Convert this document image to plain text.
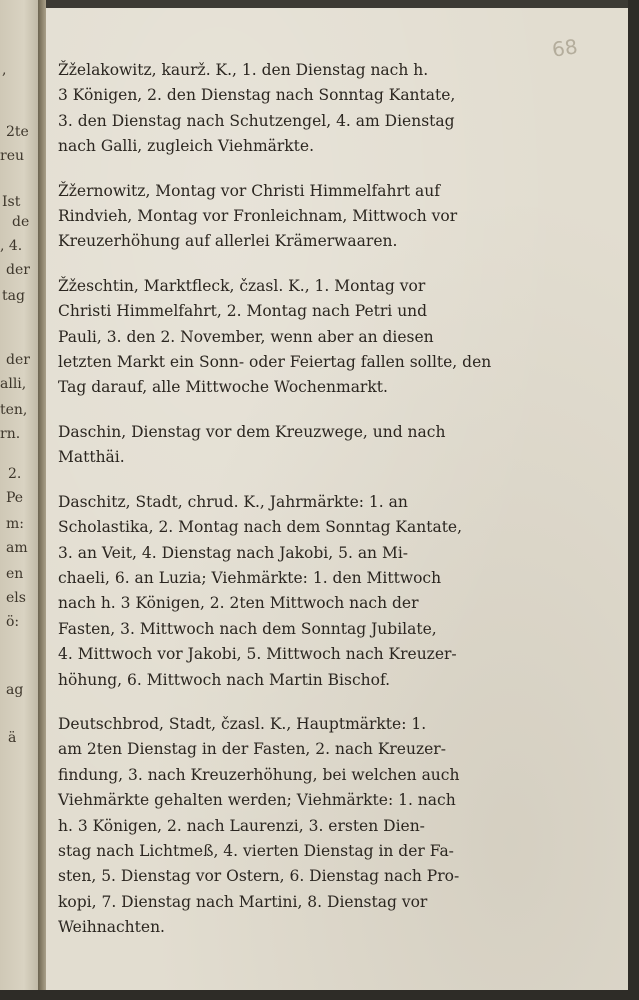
,
2te
reu
Ist
de
, 4.
der
tag
der
alli,
ten,
rn.
2.
Pe
m:
am
en
els
ö:
ag
ä
68

Žželakowitz, kaurž. K., 1. den Dienstag nach h.

3 Königen, 2. den Dienstag nach Sonntag Kantate,

3. den Dienstag nach Schutzengel, 4. am Dienstag

nach Galli, zugleich Viehmärkte.

Žžernowitz, Montag vor Christi Himmelfahrt auf

Rindvieh, Montag vor Fronleichnam, Mittwoch vor

Kreuzerhöhung auf allerlei Krämerwaaren.

Žžeschtin, Marktfleck, čzasl. K., 1. Montag vor

Christi Himmelfahrt, 2. Montag nach Petri und

Pauli, 3. den 2. November, wenn aber an diesen

letzten Markt ein Sonn- oder Feiertag fallen sollte, den

Tag darauf, alle Mittwoche Wochenmarkt.

Daschin, Dienstag vor dem Kreuzwege, und nach

Matthäi.

Daschitz, Stadt, chrud. K., Jahrmärkte: 1. an

Scholastika, 2. Montag nach dem Sonntag Kantate,

3. an Veit, 4. Dienstag nach Jakobi, 5. an Mi-

chaeli, 6. an Luzia; Viehmärkte: 1. den Mittwoch

nach h. 3 Königen, 2. 2ten Mittwoch nach der

Fasten, 3. Mittwoch nach dem Sonntag Jubilate,

4. Mittwoch vor Jakobi, 5. Mittwoch nach Kreuzer-

höhung, 6. Mittwoch nach Martin Bischof.

Deutschbrod, Stadt, čzasl. K., Hauptmärkte: 1.

am 2ten Dienstag in der Fasten, 2. nach Kreuzer-

findung, 3. nach Kreuzerhöhung, bei welchen auch

Viehmärkte gehalten werden; Viehmärkte: 1. nach

h. 3 Königen, 2. nach Laurenzi, 3. ersten Dien-

stag nach Lichtmeß, 4. vierten Dienstag in der Fa-

sten, 5. Dienstag vor Ostern, 6. Dienstag nach Pro-

kopi, 7. Dienstag nach Martini, 8. Dienstag vor

Weihnachten.
